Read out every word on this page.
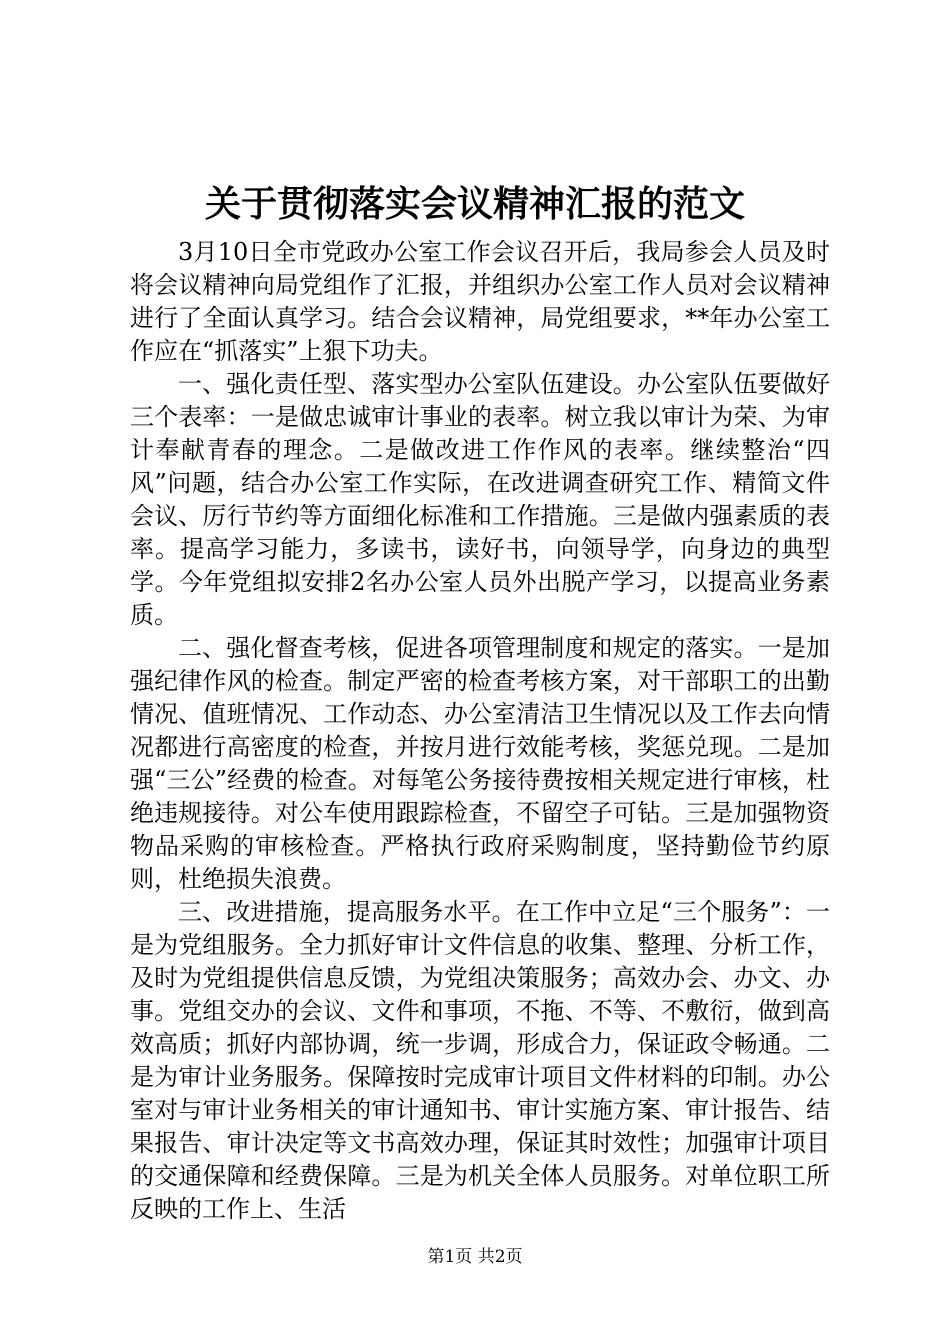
关于贯彻落实会议精神汇报的范文

3月10日全市党政办公室工作会议召开后，我局参会人员及时将会议精神向局党组作了汇报，并组织办公室工作人员对会议精神进行了全面认真学习。结合会议精神，局党组要求，**年办公室工作应在“抓落实”上狠下功夫。

一、强化责任型、落实型办公室队伍建设。办公室队伍要做好三个表率：一是做忠诚审计事业的表率。树立我以审计为荣、为审计奉献青春的理念。二是做改进工作作风的表率。继续整治“四风”问题，结合办公室工作实际，在改进调查研究工作、精简文件会议、厉行节约等方面细化标准和工作措施。三是做内强素质的表率。提高学习能力，多读书，读好书，向领导学，向身边的典型学。今年党组拟安排2名办公室人员外出脱产学习，以提高业务素质。

二、强化督查考核，促进各项管理制度和规定的落实。一是加强纪律作风的检查。制定严密的检查考核方案，对干部职工的出勤情况、值班情况、工作动态、办公室清洁卫生情况以及工作去向情况都进行高密度的检查，并按月进行效能考核，奖惩兑现。二是加强“三公”经费的检查。对每笔公务接待费按相关规定进行审核，杜绝违规接待。对公车使用跟踪检查，不留空子可钻。三是加强物资物品采购的审核检查。严格执行政府采购制度，坚持勤俭节约原则，杜绝损失浪费。

三、改进措施，提高服务水平。在工作中立足“三个服务”：一是为党组服务。全力抓好审计文件信息的收集、整理、分析工作，及时为党组提供信息反馈，为党组决策服务；高效办会、办文、办事。党组交办的会议、文件和事项，不拖、不等、不敷衍，做到高效高质；抓好内部协调，统一步调，形成合力，保证政令畅通。二是为审计业务服务。保障按时完成审计项目文件材料的印制。办公室对与审计业务相关的审计通知书、审计实施方案、审计报告、结果报告、审计决定等文书高效办理，保证其时效性；加强审计项目的交通保障和经费保障。三是为机关全体人员服务。对单位职工所反映的工作上、生活

第1页 共2页
